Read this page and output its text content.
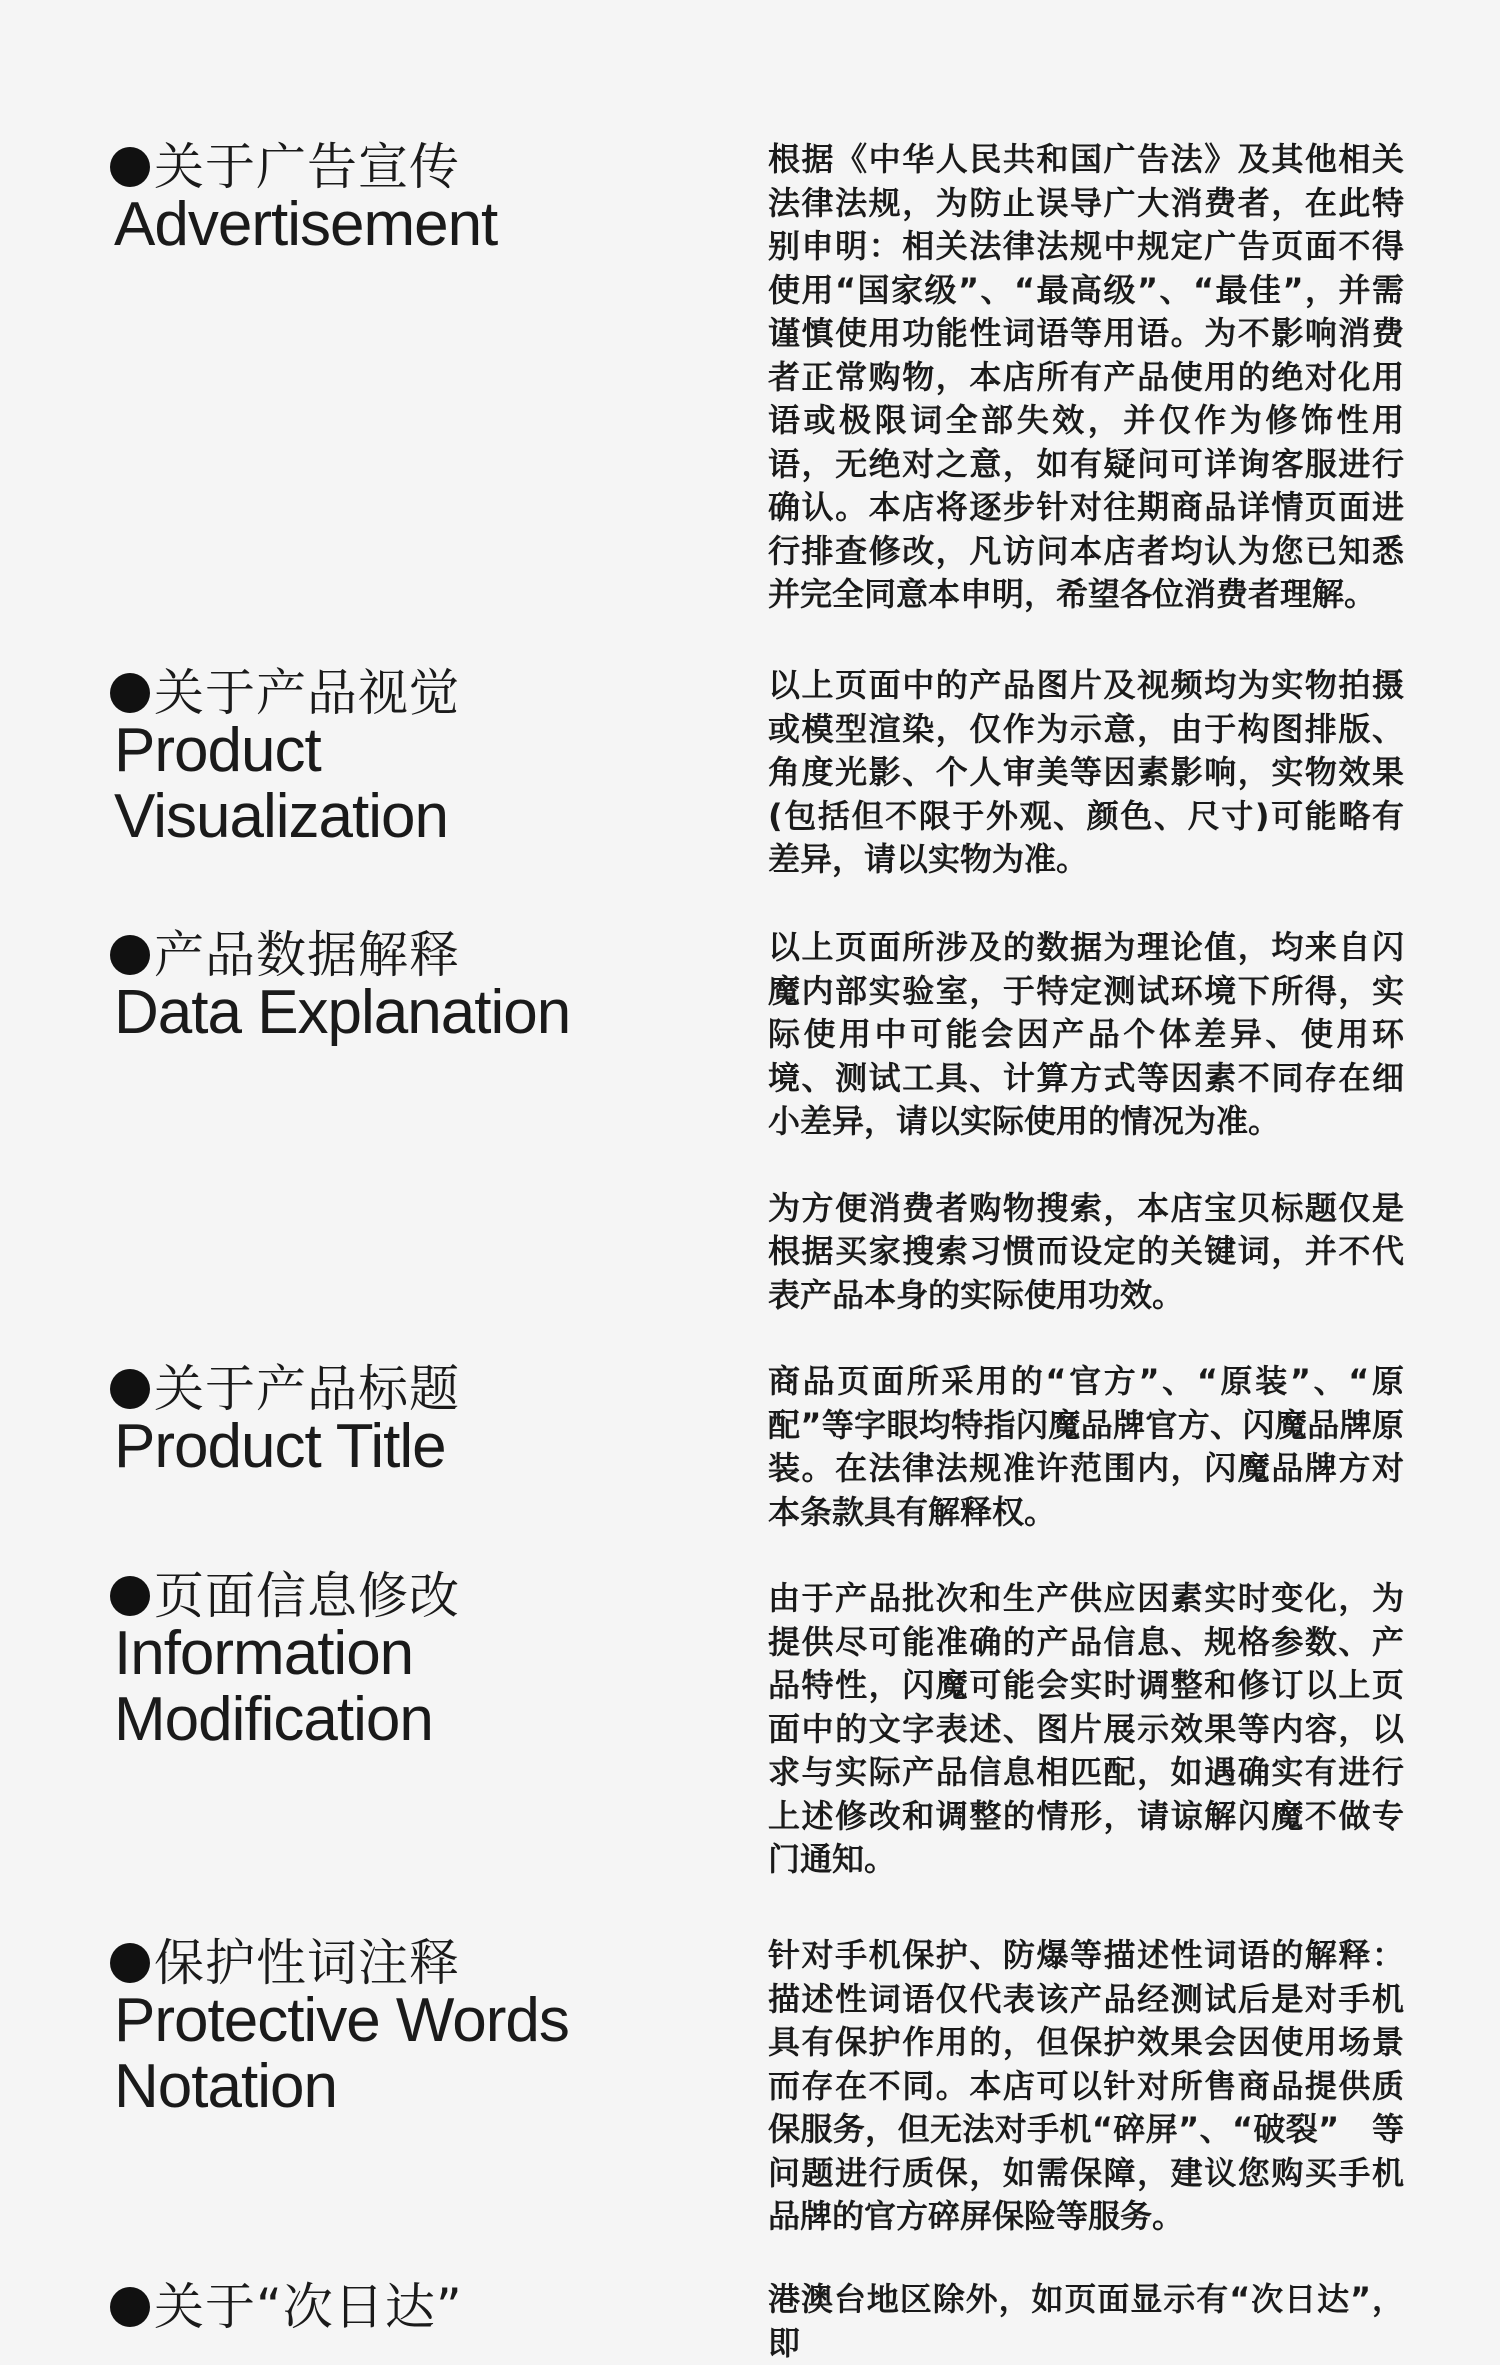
关于广告宣传
Advertisement

根据《中华人民共和国广告法》及其他相关法律法规，为防止误导广大消费者，在此特别申明：相关法律法规中规定广告页面不得使用“国家级”、“最高级”、“最佳”，并需谨慎使用功能性词语等用语。为不影响消费者正常购物，本店所有产品使用的绝对化用语或极限词全部失效，并仅作为修饰性用语，无绝对之意，如有疑问可详询客服进行确认。本店将逐步针对往期商品详情页面进行排查修改，凡访问本店者均认为您已知悉并完全同意本申明，希望各位消费者理解。

关于产品视觉
Product
Visualization

以上页面中的产品图片及视频均为实物拍摄或模型渲染，仅作为示意，由于构图排版、角度光影、个人审美等因素影响，实物效果(包括但不限于外观、颜色、尺寸)可能略有差异，请以实物为准。

产品数据解释
Data Explanation

以上页面所涉及的数据为理论值，均来自闪魔内部实验室，于特定测试环境下所得，实际使用中可能会因产品个体差异、使用环境、测试工具、计算方式等因素不同存在细小差异，请以实际使用的情况为准。

为方便消费者购物搜索，本店宝贝标题仅是根据买家搜索习惯而设定的关键词，并不代表产品本身的实际使用功效。

关于产品标题
Product Title

商品页面所采用的“官方”、“原装”、“原配”等字眼均特指闪魔品牌官方、闪魔品牌原装。在法律法规准许范围内，闪魔品牌方对本条款具有解释权。

页面信息修改
Information
Modification

由于产品批次和生产供应因素实时变化，为提供尽可能准确的产品信息、规格参数、产品特性，闪魔可能会实时调整和修订以上页面中的文字表述、图片展示效果等内容，以求与实际产品信息相匹配，如遇确实有进行上述修改和调整的情形，请谅解闪魔不做专门通知。

保护性词注释
Protective Words
Notation

针对手机保护、防爆等描述性词语的解释：描述性词语仅代表该产品经测试后是对手机具有保护作用的，但保护效果会因使用场景而存在不同。本店可以针对所售商品提供质保服务，但无法对手机“碎屏”、“破裂”　等问题进行质保，如需保障，建议您购买手机品牌的官方碎屏保险等服务。

关于“次日达”	港澳台地区除外，如页面显示有“次日达”，即
